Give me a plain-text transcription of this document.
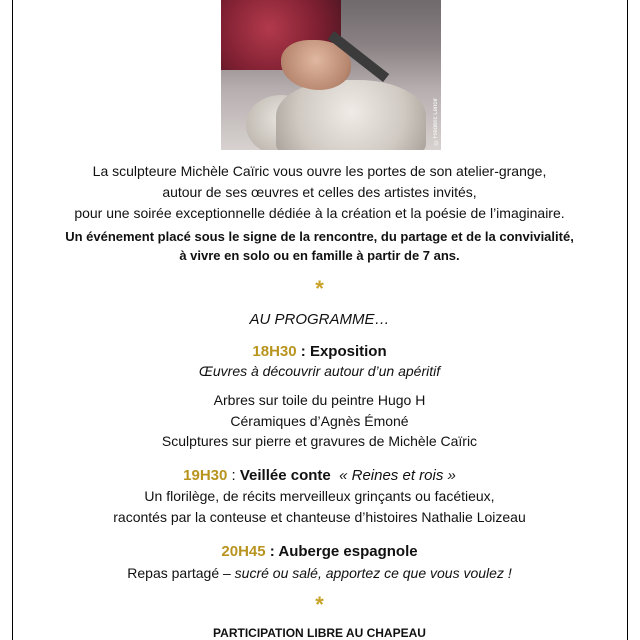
©Frédéric Lenoir
La sculpteure Michèle Caïric vous ouvre les portes de son atelier-grange,
autour de ses œuvres et celles des artistes invités,
pour une soirée exceptionnelle dédiée à la création et la poésie de l’imaginaire.
Un événement placé sous le signe de la rencontre, du partage et de la convivialité,
à vivre en solo ou en famille à partir de 7 ans.
*
AU PROGRAMME…
18H30 : Exposition
Œuvres à découvrir autour d’un apéritif
Arbres sur toile du peintre Hugo H
Céramiques d’Agnès Émoné
Sculptures sur pierre et gravures de Michèle Caïric
19H30 : Veillée conte « Reines et rois »
Un florilège, de récits merveilleux grinçants ou facétieux,
racontés par la conteuse et chanteuse d’histoires Nathalie Loizeau
20H45 : Auberge espagnole
Repas partagé – sucré ou salé, apportez ce que vous voulez !
*
PARTICIPATION LIBRE AU CHAPEAU
